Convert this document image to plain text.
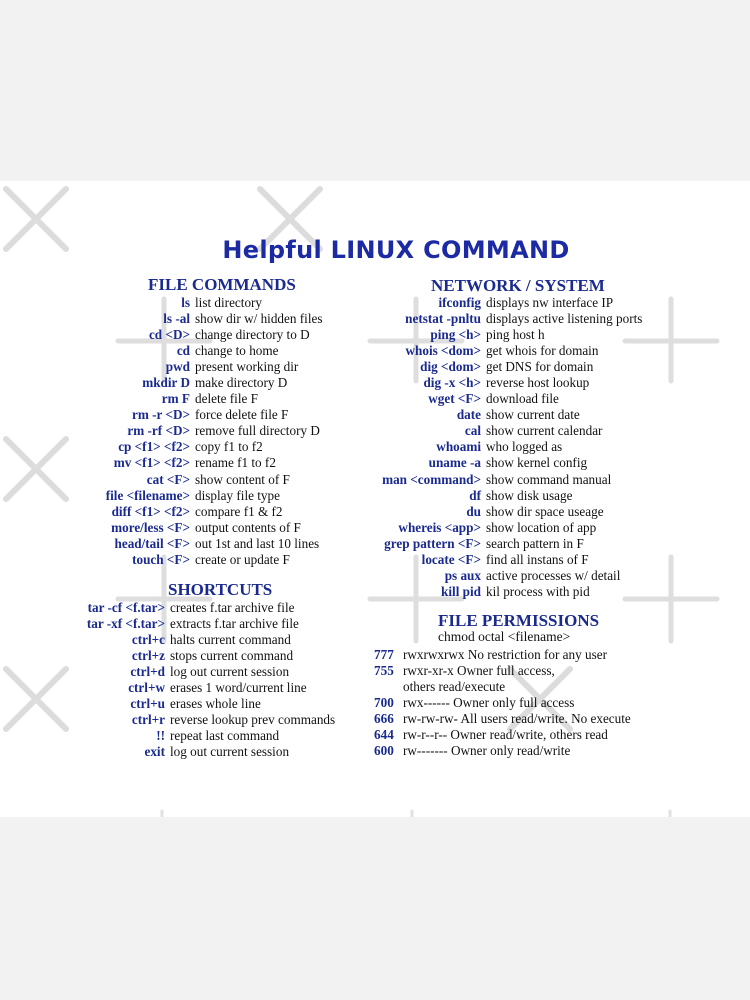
Helpful LINUX COMMAND
FILE COMMANDS
ls list directory
ls -al show dir w/ hidden files
cd <D> change directory to D
cd change to home
pwd present working dir
mkdir D make directory D
rm F delete file F
rm -r <D> force delete file F
rm -rf <D> remove full directory D
cp <f1> <f2> copy f1 to f2
mv <f1> <f2> rename f1 to f2
cat <F> show content of F
file <filename> display file type
diff <f1> <f2> compare f1 & f2
more/less <F> output contents of F
head/tail <F> out 1st and last 10 lines
touch <F> create or update F
SHORTCUTS
tar -cf <f.tar> creates f.tar archive file
tar -xf <f.tar> extracts f.tar archive file
ctrl+c halts current command
ctrl+z stops current command
ctrl+d log out current session
ctrl+w erases 1 word/current line
ctrl+u erases whole line
ctrl+r reverse lookup prev commands
!! repeat last command
exit log out current session
NETWORK / SYSTEM
ifconfig displays nw interface IP
netstat -pnltu displays active listening ports
ping <h> ping host h
whois <dom> get whois for domain
dig <dom> get DNS for domain
dig -x <h> reverse host lookup
wget <F> download file
date show current date
cal show current calendar
whoami who logged as
uname -a show kernel config
man <command> show command manual
df show disk usage
du show dir space useage
whereis <app> show location of app
grep pattern <F> search pattern in F
locate <F> find all instans of F
ps aux active processes w/ detail
kill pid kil process with pid
FILE PERMISSIONS
chmod octal <filename>
777 rwxrwxrwx No restriction for any user
755 rwxr-xr-x Owner full access,
others read/execute
700 rwx------ Owner only full access
666 rw-rw-rw- All users read/write. No execute
644 rw-r--r-- Owner read/write, others read
600 rw------- Owner only read/write
